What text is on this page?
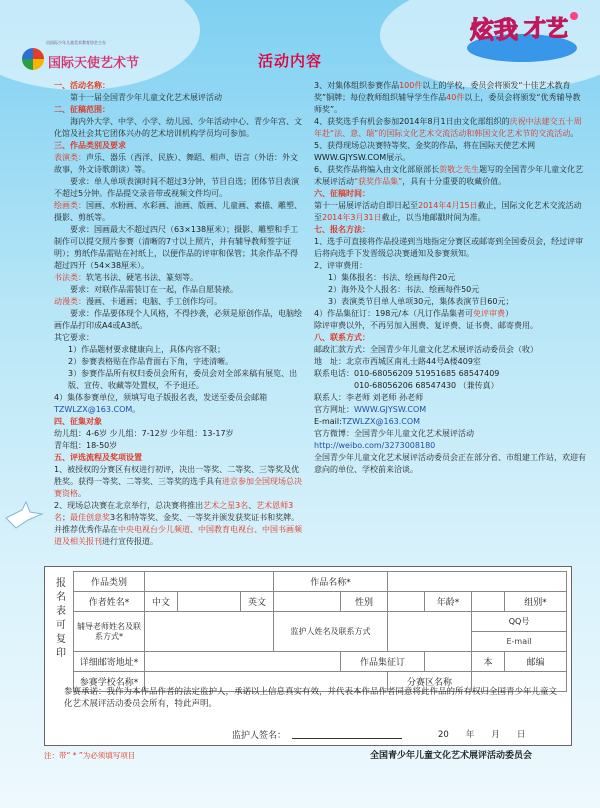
由国际少年儿童美术教育协会主办
国际天使艺术节	活动内容
炫我 才艺

一、活动名称：

第十一届全国青少年儿童文化艺术展评活动

二、征稿范围：

海内外大学、中学、小学、幼儿园、少年活动中心、青少年宫、文化馆及社会其它团体兴办的艺术培训机构学员均可参加。

三、作品类别及要求

表演类：声乐、器乐（西洋、民族）、舞蹈、相声、语言（外语：外文故事，外文诗歌朗读）等。

要求：单人单项表演时间不超过3分钟，节目自选；团体节目表演不超过5分钟。作品提交录音带或视频文件均可。

绘画类：国画、水粉画、水彩画、油画、版画、儿童画、素描、雕塑、摄影、剪纸等。

要求：国画最大不超过四尺（63×138厘米）；摄影、雕塑和手工制作可以提交照片参赛（清晰的7寸以上照片，并有辅导教师签字证明）；剪纸作品需贴在衬纸上，以便作品的评审和保管；其余作品不得超过四开（54×38厘米）。

书法类：软笔书法、硬笔书法、篆刻等。

要求：对联作品需装订在一起，作品自愿装裱。

动漫类：漫画、卡通画；电脑、手工创作均可。

要求：作品要体现个人风格，不得抄袭，必须是原创作品，电脑绘画作品打印成A4或A3纸。

其它要求：

1）作品题材要求健康向上，具体内容不限；

2）参赛表格贴在作品背面右下角，字迹清晰。

3）参赛作品所有权归委员会所有，委员会对全部来稿有展览、出版、宣传、收藏等处置权，不予退还。

4）集体参赛单位，须填写电子版报名表，发送至委员会邮箱 TZWLZX@163.COM。

四、征集对象

幼儿组：4-6岁 少儿组：7-12岁 少年组：13-17岁

青年组：18-50岁

五、评选流程及奖项设置

1、被授权的分赛区有权进行初评，决出一等奖、二等奖、三等奖及优胜奖。获得一等奖、二等奖、三等奖的选手具有进京参加全国现场总决赛资格。

2、现场总决赛在北京举行，总决赛将推出艺术之星3名、艺术恩师3名；最佳创意奖3名和特等奖、金奖、一等奖并颁发获奖证书和奖牌。并推荐优秀作品在中央电视台少儿频道、中国教育电视台、中国书画频道及相关报刊进行宣传报道。

3、对集体组织参赛作品100件以上的学校，委员会将颁发“十佳艺术教育奖”铜牌；每位教师组织辅导学生作品40件以上，委员会将颁发“优秀辅导教师奖”。

4、获奖选手有机会参加2014年8月1日由文化部组织的庆祝中法建交五十周年赴“法、意、瑞”的国际文化艺术交流活动和韩国文化艺术节的交流活动。

5、获得现场总决赛特等奖、金奖的作品，将在国际天使艺术网WWW.GJYSW.COM展示。

6、获奖作品将编入由文化部原部长贺敬之先生题写的全国青少年儿童文化艺术展评活动“获奖作品集”，具有十分重要的收藏价值。

六、征稿时间：

第十一届展评活动自即日起至2014年4月15日截止，国际文化艺术交流活动至2014年3月31日截止，以当地邮戳时间为准。

七、报名方法：

1、选手可直接将作品投递到当地指定分赛区或邮寄到全国委员会，经过评审后将向选手下发晋级总决赛通知及参赛须知。

2、评审费用：

1）集体报名：书法、绘画每件20元

2）海外及个人报名：书法、绘画每件50元

3）表演类节目单人单项30元，集体表演节目60元；

4）作品集征订：198元/本（凡订作品集者可免评审费）

除评审费以外，不再另加入围费、复评费、证书费、邮寄费用。

八、联系方式：

邮政汇款方式：全国青少年儿童文化艺术展评活动委员会（收）

地　址：北京市西城区南礼士路44号A楼409室

联系电话：010-68056209 51951685 68547409

　　　　　010-68056206 68547430 （兼传真）

联系人：李老师 刘老师 孙老师

官方网址：WWW.GJYSW.COM

E-mail:TZWLZX@163.COM

官方微博：全国青少年儿童文化艺术展评活动

http://weibo.com/3273008180

全国青少年儿童文化艺术展评活动委员会正在部分省、市组建工作站，欢迎有意向的单位、学校前来洽谈。

报名表可复印
作品类别				作品名称*					
作者姓名*	中文		英文		性别		年龄*		组别*
辅导老师姓名及联系方式*				监护人姓名及联系方式				QQ号	
								E-mail	
详细邮寄地址*					作品集征订			本	邮编
参赛学校名称*						分赛区名称			
参赛承诺：我作为本作品作者的法定监护人，承诺以上信息真实有效，并代表本作品作者同意将此作品的所有权归全国青少年儿童文化艺术展评活动委员会所有，特此声明。
监护人签名：	20　　年　　月　　日
注：带“ * ”为必须填写项目	全国青少年儿童文化艺术展评活动委员会
